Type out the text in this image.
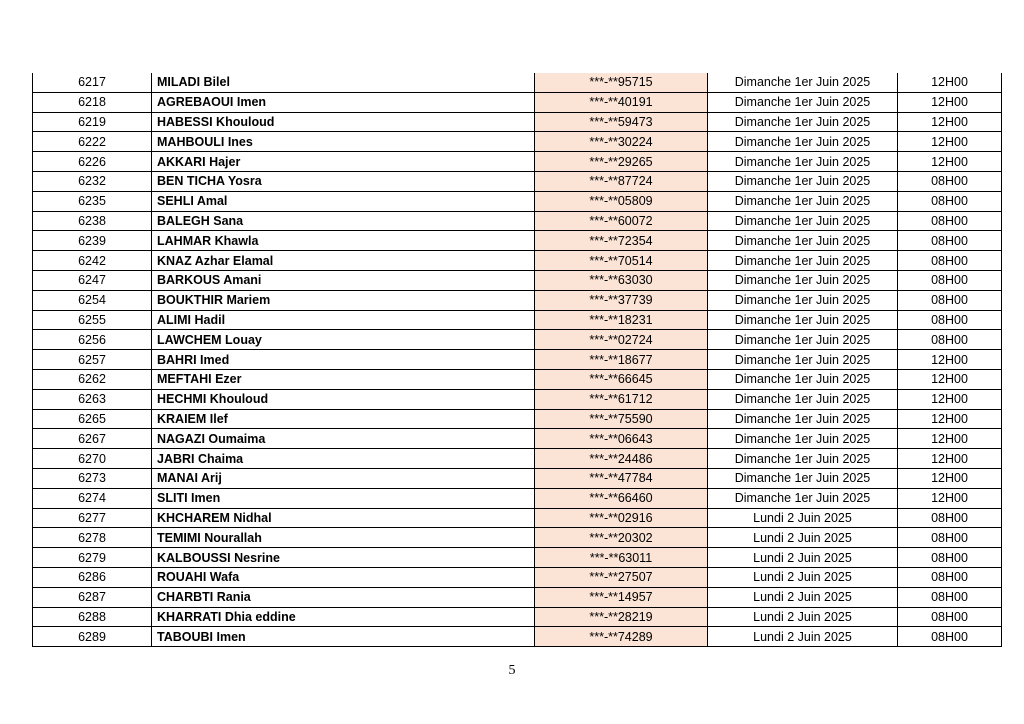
6217	MILADI Bilel	***-**95715	Dimanche 1er Juin 2025	12H00
6218	AGREBAOUI Imen	***-**40191	Dimanche 1er Juin 2025	12H00
6219	HABESSI Khouloud	***-**59473	Dimanche 1er Juin 2025	12H00
6222	MAHBOULI Ines	***-**30224	Dimanche 1er Juin 2025	12H00
6226	AKKARI Hajer	***-**29265	Dimanche 1er Juin 2025	12H00
6232	BEN TICHA Yosra	***-**87724	Dimanche 1er Juin 2025	08H00
6235	SEHLI Amal	***-**05809	Dimanche 1er Juin 2025	08H00
6238	BALEGH Sana	***-**60072	Dimanche 1er Juin 2025	08H00
6239	LAHMAR Khawla	***-**72354	Dimanche 1er Juin 2025	08H00
6242	KNAZ Azhar Elamal	***-**70514	Dimanche 1er Juin 2025	08H00
6247	BARKOUS Amani	***-**63030	Dimanche 1er Juin 2025	08H00
6254	BOUKTHIR Mariem	***-**37739	Dimanche 1er Juin 2025	08H00
6255	ALIMI Hadil	***-**18231	Dimanche 1er Juin 2025	08H00
6256	LAWCHEM Louay	***-**02724	Dimanche 1er Juin 2025	08H00
6257	BAHRI Imed	***-**18677	Dimanche 1er Juin 2025	12H00
6262	MEFTAHI Ezer	***-**66645	Dimanche 1er Juin 2025	12H00
6263	HECHMI Khouloud	***-**61712	Dimanche 1er Juin 2025	12H00
6265	KRAIEM Ilef	***-**75590	Dimanche 1er Juin 2025	12H00
6267	NAGAZI Oumaima	***-**06643	Dimanche 1er Juin 2025	12H00
6270	JABRI Chaima	***-**24486	Dimanche 1er Juin 2025	12H00
6273	MANAI Arij	***-**47784	Dimanche 1er Juin 2025	12H00
6274	SLITI Imen	***-**66460	Dimanche 1er Juin 2025	12H00
6277	KHCHAREM Nidhal	***-**02916	Lundi 2 Juin 2025	08H00
6278	TEMIMI Nourallah	***-**20302	Lundi 2 Juin 2025	08H00
6279	KALBOUSSI Nesrine	***-**63011	Lundi 2 Juin 2025	08H00
6286	ROUAHI Wafa	***-**27507	Lundi 2 Juin 2025	08H00
6287	CHARBTI Rania	***-**14957	Lundi 2 Juin 2025	08H00
6288	KHARRATI Dhia eddine	***-**28219	Lundi 2 Juin 2025	08H00
6289	TABOUBI Imen	***-**74289	Lundi 2 Juin 2025	08H00
5
